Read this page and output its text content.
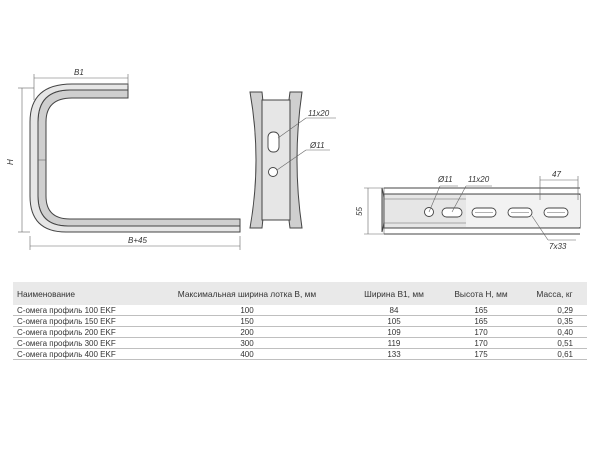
B1
H
B+45
11x20
Ø11
55
47
Ø11 11x20
7x33
Наименование	Максимальная ширина лотка B, мм	Ширина B1, мм	Высота H, мм	Масса, кг
C-омега профиль 100 EKF	100	84	165	0,29
C-омега профиль 150 EKF	150	105	165	0,35
C-омега профиль 200 EKF	200	109	170	0,40
C-омега профиль 300 EKF	300	119	170	0,51
C-омега профиль 400 EKF	400	133	175	0,61
